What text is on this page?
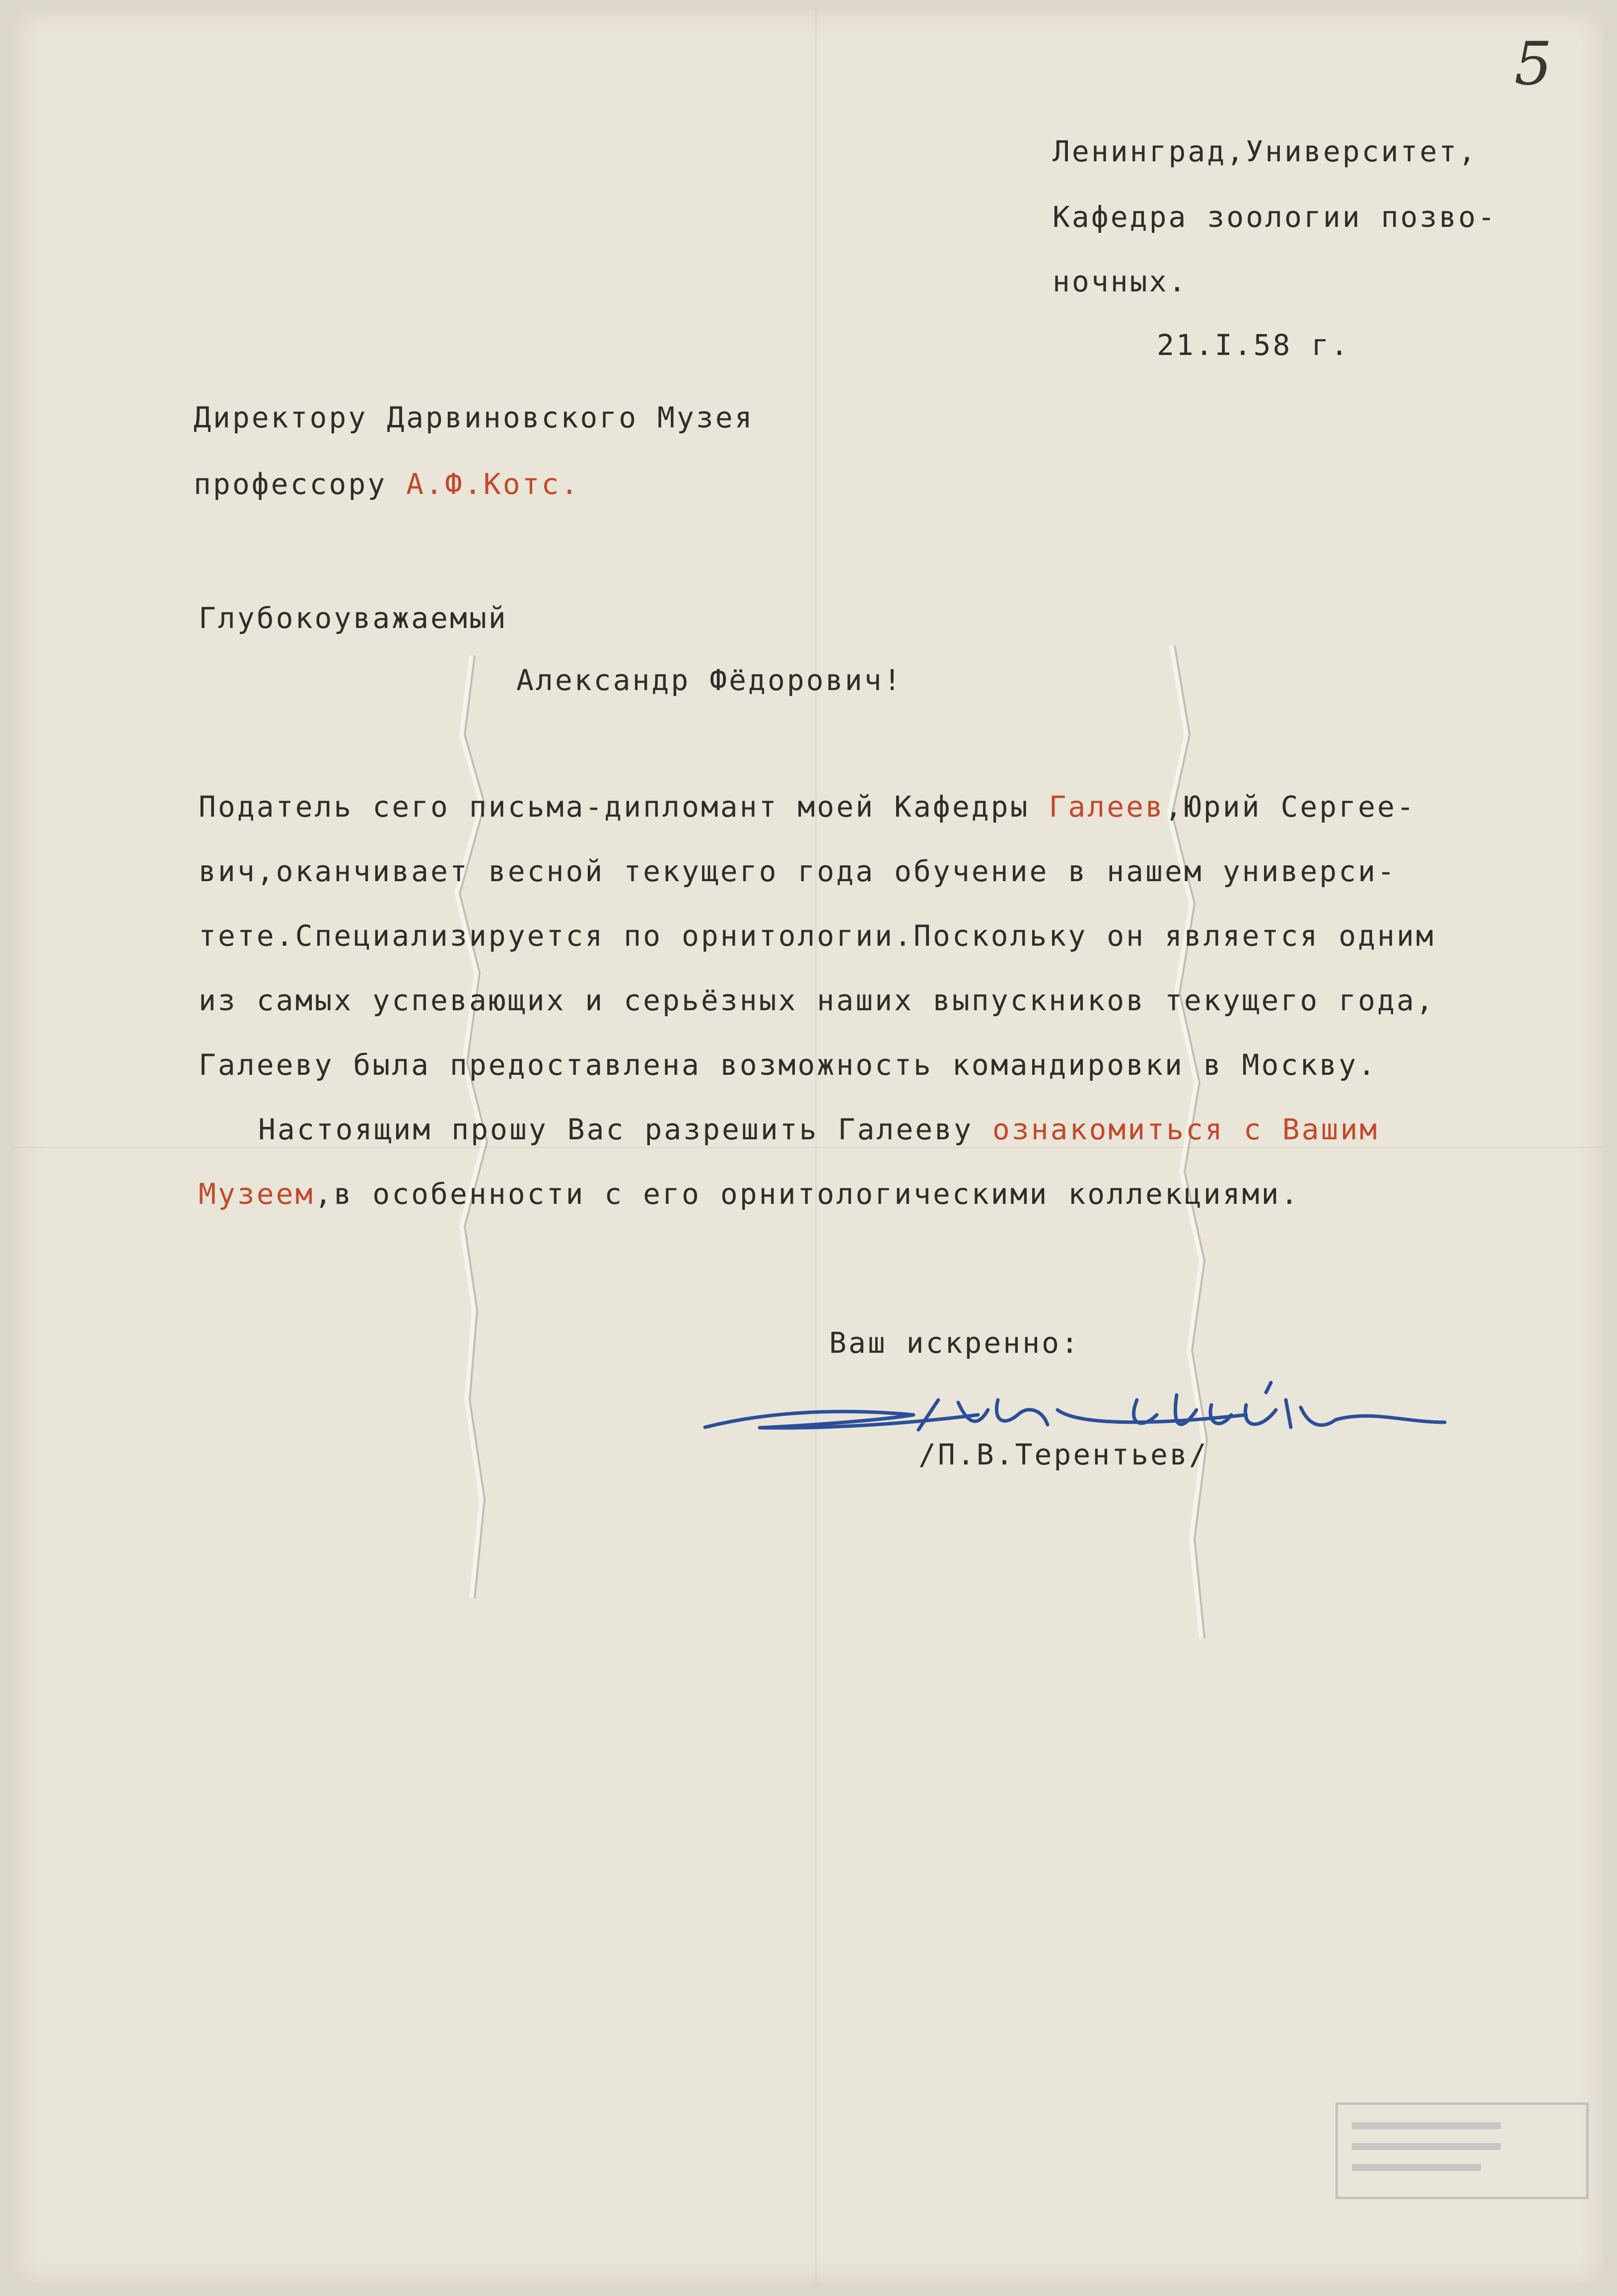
5
Ленинград,Университет,
Кафедра зоологии позво-
ночных.
21.I.58 г.
Директору Дарвиновского Музея
профессору А.Ф.Котс.
Глубокоуважаемый
Александр Фёдорович!
Податель сего письма-дипломант моей Кафедры Галеев,Юрий Сергее-
вич,оканчивает весной текущего года обучение в нашем универси-
тете.Специализируется по орнитологии.Поскольку он является одним
из самых успевающих и серьёзных наших выпускников текущего года,
Галееву была предоставлена возможность командировки в Москву.
Настоящим прошу Вас разрешить Галееву ознакомиться с Вашим
Музеем,в особенности с его орнитологическими коллекциями.
Ваш искренно:
/П.В.Терентьев/
